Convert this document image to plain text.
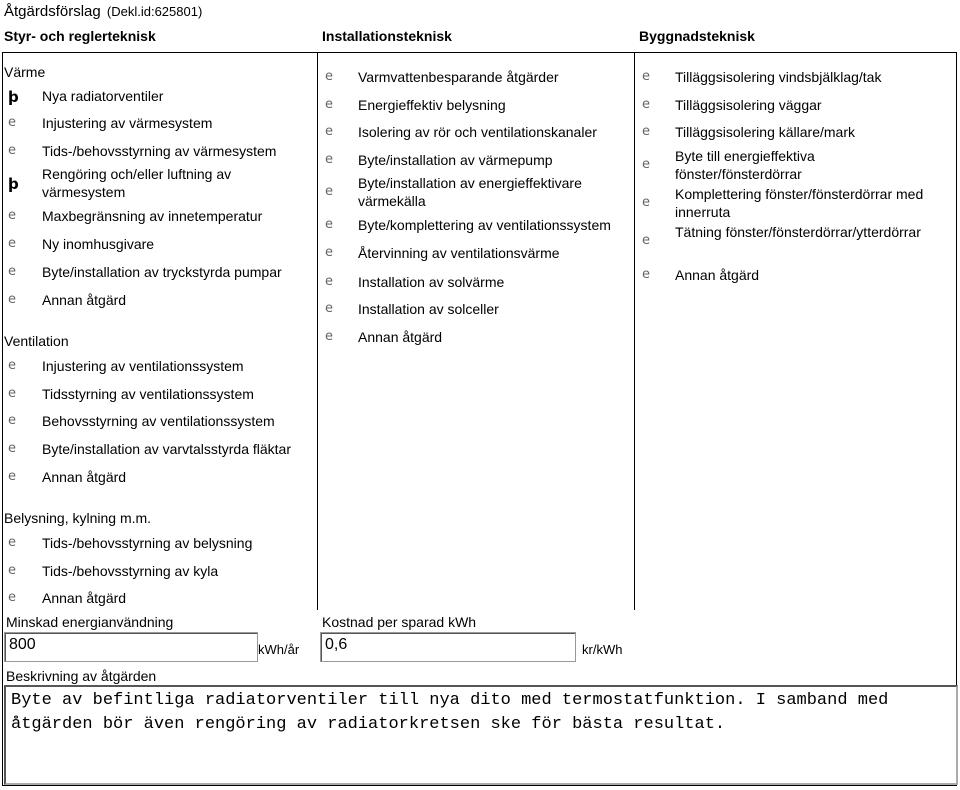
Åtgärdsförslag (Dekl.id:625801)
Styr- och reglerteknisk	Installationsteknisk	Byggnadsteknisk
Värme
Ventilation
Belysning, kylning m.m.
þ Nya radiatorventiler
e Injustering av värmesystem
e Tids-/behovsstyrning av värmesystem
þ
Rengöring och/eller luftning av värmesystem
e Maxbegränsning av innetemperatur
e Ny inomhusgivare
e Byte/installation av tryckstyrda pumpar
e Annan åtgärd
e Injustering av ventilationssystem
e Tidsstyrning av ventilationssystem
e Behovsstyrning av ventilationssystem
e Byte/installation av varvtalsstyrda fläktar
e Annan åtgärd
e Tids-/behovsstyrning av belysning
e Tids-/behovsstyrning av kyla
e Annan åtgärd
e Varmvattenbesparande åtgärder
e Energieffektiv belysning
e Isolering av rör och ventilationskanaler
e Byte/installation av värmepump
e
Byte/installation av energieffektivare värmekälla
e Byte/komplettering av ventilationssystem
e Återvinning av ventilationsvärme
e Installation av solvärme
e Installation av solceller
e Annan åtgärd
e Tilläggsisolering vindsbjälklag/tak
e Tilläggsisolering väggar
e Tilläggsisolering källare/mark
e
Byte till energieffektiva fönster/fönsterdörrar
e
Komplettering fönster/fönsterdörrar med innerruta
e
Tätning fönster/fönsterdörrar/ytterdörrar
e Annan åtgärd
Minskad energianvändning
800	kWh/år
Kostnad per sparad kWh
0,6	kr/kWh
Beskrivning av åtgärden
Byte av befintliga radiatorventiler till nya dito med termostatfunktion. I samband med åtgärden bör även rengöring av radiatorkretsen ske för bästa resultat.
